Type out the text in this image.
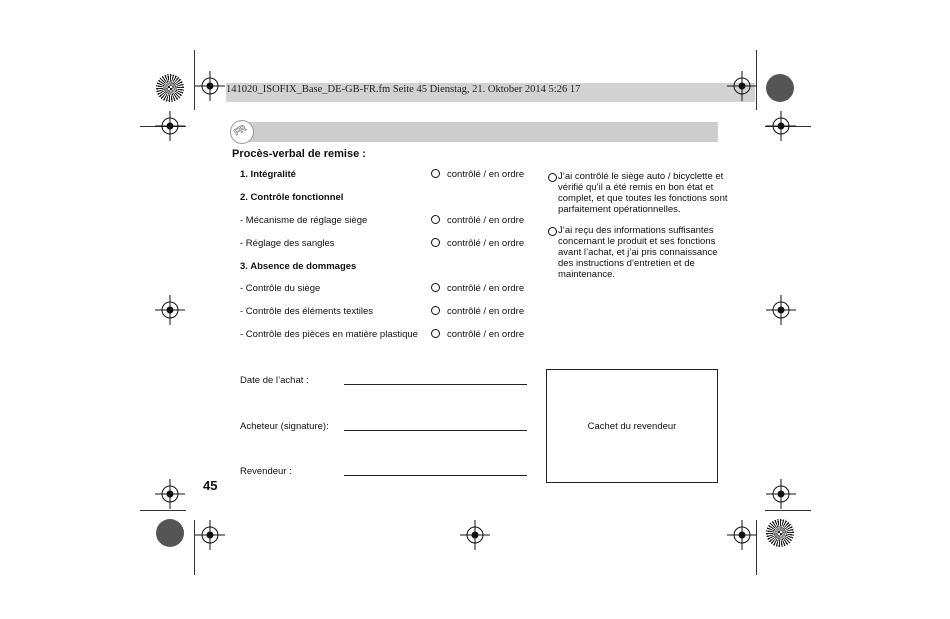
141020_ISOFIX_Base_DE-GB-FR.fm Seite 45 Dienstag, 21. Oktober 2014 5:26 17
FR
Procès-verbal de remise :
1. Intégralité	contrôlé / en ordre
2. Contrôle fonctionnel
- Mécanisme de réglage siège	contrôlé / en ordre
- Réglage des sangles	contrôlé / en ordre
3. Absence de dommages
- Contrôle du siège	contrôlé / en ordre
- Contrôle des éléments textiles	contrôlé / en ordre
- Contrôle des pièces en matière plastique	contrôlé / en ordre
J’ai contrôlé le siège auto / bicyclette et vérifié qu’il a été remis en bon état et complet, et que toutes les fonctions sont parfaitement opérationnelles.
J’ai reçu des informations suffisantes concernant le produit et ses fonctions avant l’achat, et j’ai pris connaissance des instructions d’entretien et de maintenance.
Date de l’achat :
Acheteur (signature):
Revendeur :
Cachet du revendeur
45
